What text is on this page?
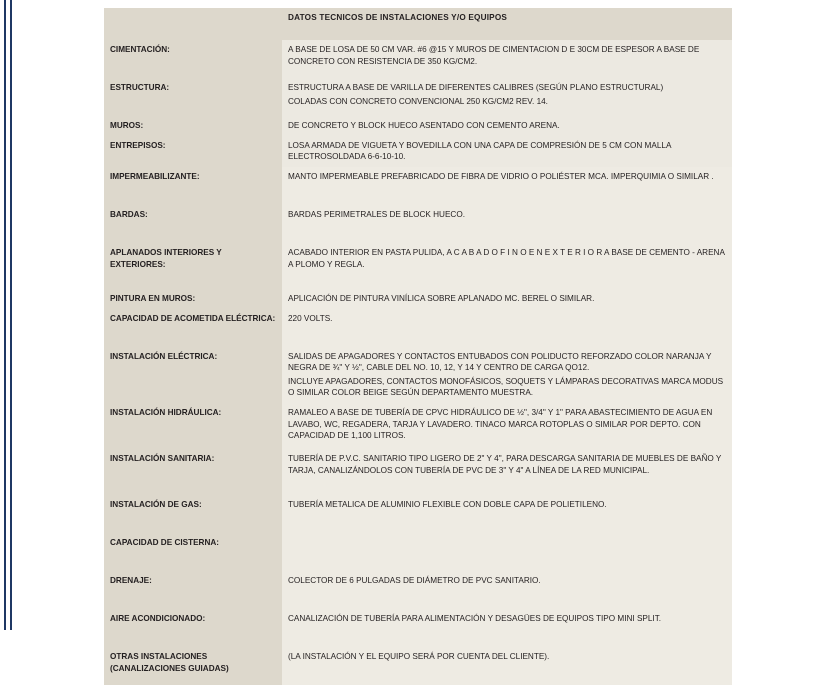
	DATOS TECNICOS DE INSTALACIONES Y/O EQUIPOS
CIMENTACIÓN:	A BASE DE LOSA DE 50 CM VAR. #6 @15 Y MUROS DE CIMENTACION D E 30CM DE ESPESOR A BASE DE CONCRETO CON RESISTENCIA DE 350 KG/CM2.

ESTRUCTURA:	ESTRUCTURA A BASE DE VARILLA DE DIFERENTES CALIBRES (SEGÚN PLANO ESTRUCTURAL)

COLADAS CON CONCRETO CONVENCIONAL 250 KG/CM2 REV. 14.

MUROS:	DE CONCRETO Y BLOCK HUECO ASENTADO CON CEMENTO ARENA.

ENTREPISOS:	LOSA ARMADA DE VIGUETA Y BOVEDILLA CON UNA CAPA DE COMPRESIÓN DE 5 CM CON MALLA ELECTROSOLDADA 6-6-10-10.

IMPERMEABILIZANTE:	MANTO IMPERMEABLE PREFABRICADO DE FIBRA DE VIDRIO O POLIÉSTER MCA. IMPERQUIMIA O SIMILAR .

BARDAS:	BARDAS PERIMETRALES DE BLOCK HUECO.

APLANADOS INTERIORES Y EXTERIORES:	ACABADO INTERIOR EN PASTA PULIDA, A C A B A D O F I N O E N E X T E R I O R A BASE DE CEMENTO - ARENA A PLOMO Y REGLA.

PINTURA EN MUROS:	APLICACIÓN DE PINTURA VINÍLICA SOBRE APLANADO MC. BEREL O SIMILAR.

CAPACIDAD DE ACOMETIDA ELÉCTRICA:	220 VOLTS.

INSTALACIÓN ELÉCTRICA:	SALIDAS DE APAGADORES Y CONTACTOS ENTUBADOS CON POLIDUCTO REFORZADO COLOR NARANJA Y NEGRA DE ¾" Y ½", CABLE DEL NO. 10, 12, Y 14 Y CENTRO DE CARGA QO12.

INCLUYE APAGADORES, CONTACTOS MONOFÁSICOS, SOQUETS Y LÁMPARAS DECORATIVAS MARCA MODUS O SIMILAR COLOR BEIGE SEGÚN DEPARTAMENTO MUESTRA.

INSTALACIÓN HIDRÁULICA:	RAMALEO A BASE DE TUBERÍA DE CPVC HIDRÁULICO DE ½", 3/4" Y 1" PARA ABASTECIMIENTO DE AGUA EN LAVABO, WC, REGADERA, TARJA Y LAVADERO. TINACO MARCA ROTOPLAS O SIMILAR POR DEPTO. CON CAPACIDAD DE 1,100 LITROS.

INSTALACIÓN SANITARIA:	TUBERÍA DE P.V.C. SANITARIO TIPO LIGERO DE 2" Y 4", PARA DESCARGA SANITARIA DE MUEBLES DE BAÑO Y TARJA, CANALIZÁNDOLOS CON TUBERÍA DE PVC DE 3" Y 4" A LÍNEA DE LA RED MUNICIPAL.

INSTALACIÓN DE GAS:	TUBERÍA METALICA DE ALUMINIO FLEXIBLE CON DOBLE CAPA DE POLIETILENO.

CAPACIDAD DE CISTERNA:	
DRENAJE:	COLECTOR DE 6 PULGADAS DE DIÁMETRO DE PVC SANITARIO.

AIRE ACONDICIONADO:	CANALIZACIÓN DE TUBERÍA PARA ALIMENTACIÓN Y DESAGÜES DE EQUIPOS TIPO MINI SPLIT.

OTRAS INSTALACIONES
(CANALIZACIONES GUIADAS)	(LA INSTALACIÓN Y EL EQUIPO SERÁ POR CUENTA DEL CLIENTE).
